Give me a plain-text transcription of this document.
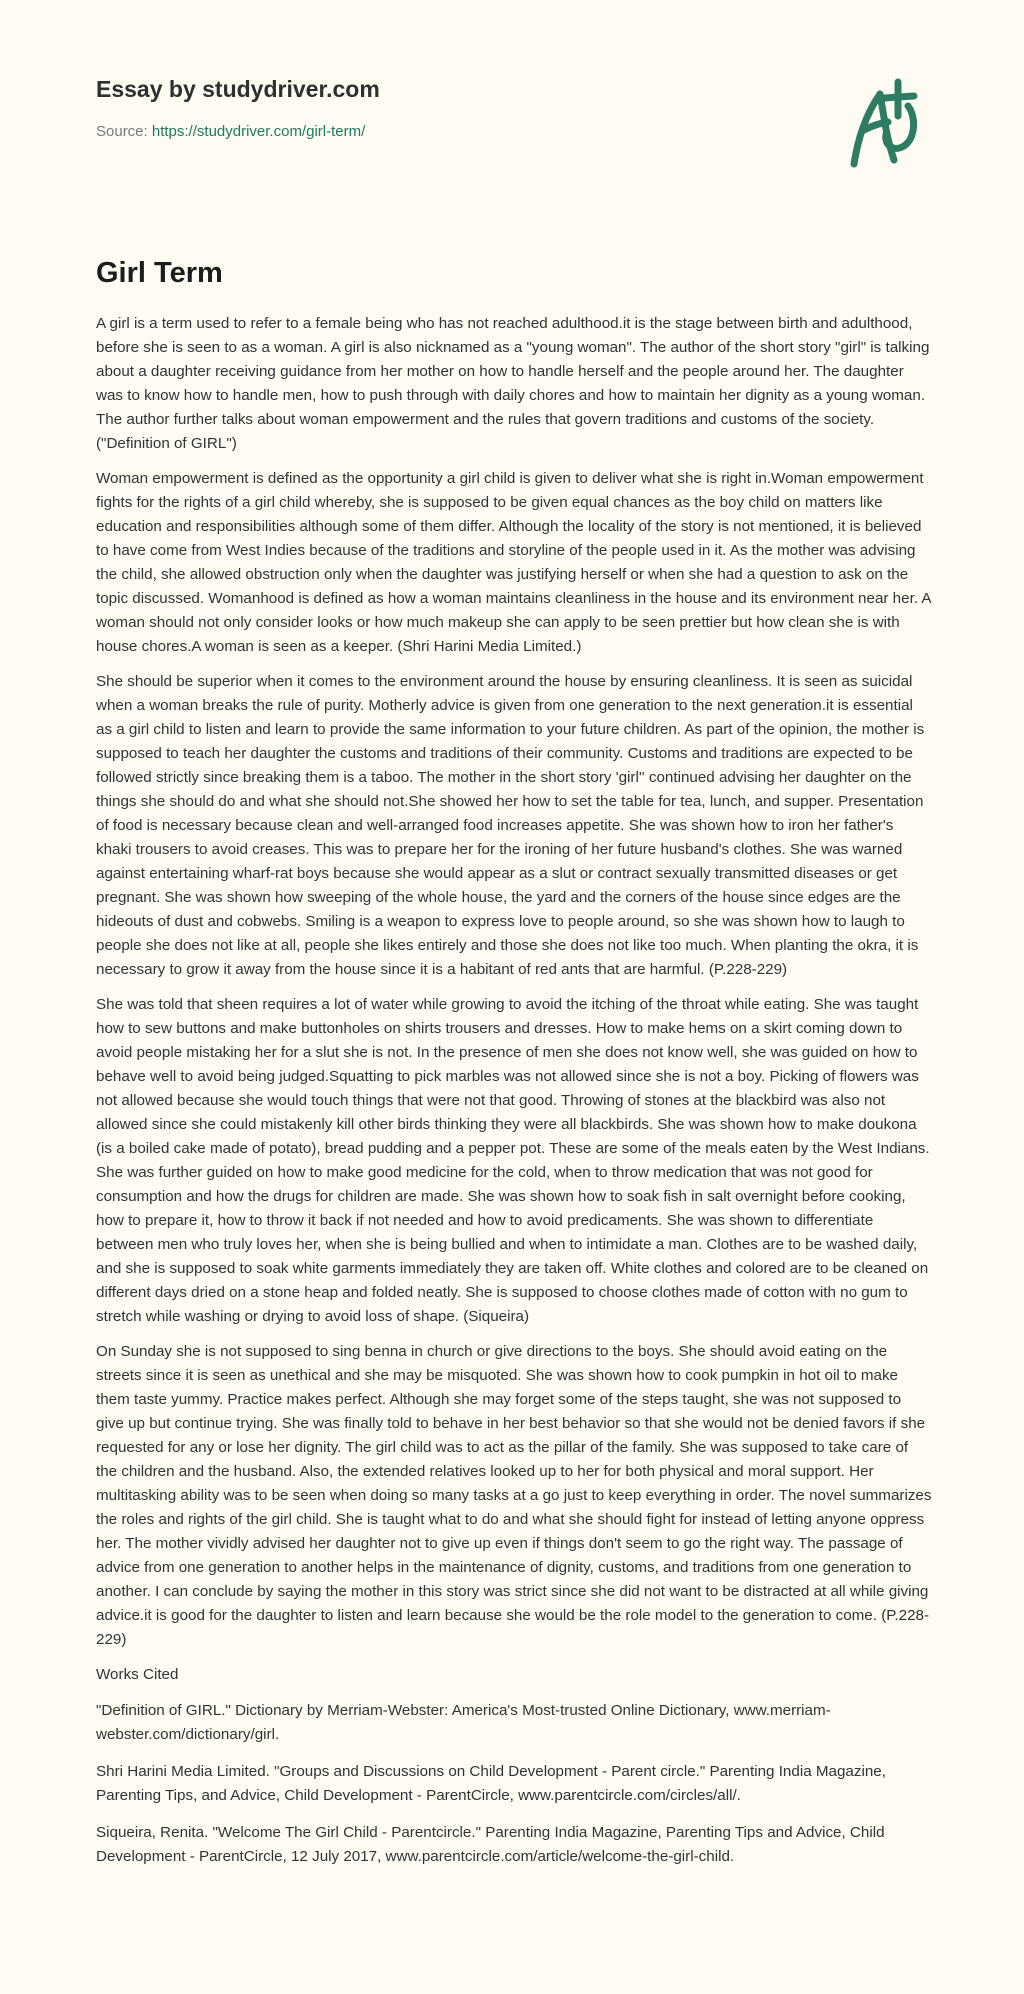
Essay by studydriver.com
Source: https://studydriver.com/girl-term/
Girl Term

A girl is a term used to refer to a female being who has not reached adulthood.it is the stage between birth and adulthood, before she is seen to as a woman. A girl is also nicknamed as a "young woman". The author of the short story "girl" is talking about a daughter receiving guidance from her mother on how to handle herself and the people around her. The daughter was to know how to handle men, how to push through with daily chores and how to maintain her dignity as a young woman. The author further talks about woman empowerment and the rules that govern traditions and customs of the society. ("Definition of GIRL")

Woman empowerment is defined as the opportunity a girl child is given to deliver what she is right in.Woman empowerment fights for the rights of a girl child whereby, she is supposed to be given equal chances as the boy child on matters like education and responsibilities although some of them differ. Although the locality of the story is not mentioned, it is believed to have come from West Indies because of the traditions and storyline of the people used in it. As the mother was advising the child, she allowed obstruction only when the daughter was justifying herself or when she had a question to ask on the topic discussed. Womanhood is defined as how a woman maintains cleanliness in the house and its environment near her. A woman should not only consider looks or how much makeup she can apply to be seen prettier but how clean she is with house chores.A woman is seen as a keeper. (Shri Harini Media Limited.)

She should be superior when it comes to the environment around the house by ensuring cleanliness. It is seen as suicidal when a woman breaks the rule of purity. Motherly advice is given from one generation to the next generation.it is essential as a girl child to listen and learn to provide the same information to your future children. As part of the opinion, the mother is supposed to teach her daughter the customs and traditions of their community. Customs and traditions are expected to be followed strictly since breaking them is a taboo. The mother in the short story 'girl'' continued advising her daughter on the things she should do and what she should not.She showed her how to set the table for tea, lunch, and supper. Presentation of food is necessary because clean and well-arranged food increases appetite. She was shown how to iron her father's khaki trousers to avoid creases. This was to prepare her for the ironing of her future husband's clothes. She was warned against entertaining wharf-rat boys because she would appear as a slut or contract sexually transmitted diseases or get pregnant. She was shown how sweeping of the whole house, the yard and the corners of the house since edges are the hideouts of dust and cobwebs. Smiling is a weapon to express love to people around, so she was shown how to laugh to people she does not like at all, people she likes entirely and those she does not like too much. When planting the okra, it is necessary to grow it away from the house since it is a habitant of red ants that are harmful. (P.228-229)

She was told that sheen requires a lot of water while growing to avoid the itching of the throat while eating. She was taught how to sew buttons and make buttonholes on shirts trousers and dresses. How to make hems on a skirt coming down to avoid people mistaking her for a slut she is not. In the presence of men she does not know well, she was guided on how to behave well to avoid being judged.Squatting to pick marbles was not allowed since she is not a boy. Picking of flowers was not allowed because she would touch things that were not that good. Throwing of stones at the blackbird was also not allowed since she could mistakenly kill other birds thinking they were all blackbirds. She was shown how to make doukona (is a boiled cake made of potato), bread pudding and a pepper pot. These are some of the meals eaten by the West Indians. She was further guided on how to make good medicine for the cold, when to throw medication that was not good for consumption and how the drugs for children are made. She was shown how to soak fish in salt overnight before cooking, how to prepare it, how to throw it back if not needed and how to avoid predicaments. She was shown to differentiate between men who truly loves her, when she is being bullied and when to intimidate a man. Clothes are to be washed daily, and she is supposed to soak white garments immediately they are taken off. White clothes and colored are to be cleaned on different days dried on a stone heap and folded neatly. She is supposed to choose clothes made of cotton with no gum to stretch while washing or drying to avoid loss of shape. (Siqueira)

On Sunday she is not supposed to sing benna in church or give directions to the boys. She should avoid eating on the streets since it is seen as unethical and she may be misquoted. She was shown how to cook pumpkin in hot oil to make them taste yummy. Practice makes perfect. Although she may forget some of the steps taught, she was not supposed to give up but continue trying. She was finally told to behave in her best behavior so that she would not be denied favors if she requested for any or lose her dignity. The girl child was to act as the pillar of the family. She was supposed to take care of the children and the husband. Also, the extended relatives looked up to her for both physical and moral support. Her multitasking ability was to be seen when doing so many tasks at a go just to keep everything in order. The novel summarizes the roles and rights of the girl child. She is taught what to do and what she should fight for instead of letting anyone oppress her. The mother vividly advised her daughter not to give up even if things don't seem to go the right way. The passage of advice from one generation to another helps in the maintenance of dignity, customs, and traditions from one generation to another. I can conclude by saying the mother in this story was strict since she did not want to be distracted at all while giving advice.it is good for the daughter to listen and learn because she would be the role model to the generation to come. (P.228-229)

Works Cited

"Definition of GIRL." Dictionary by Merriam-Webster: America's Most-trusted Online Dictionary, www.merriam-webster.com/dictionary/girl.

Shri Harini Media Limited. "Groups and Discussions on Child Development - Parent circle." Parenting India Magazine, Parenting Tips, and Advice, Child Development - ParentCircle, www.parentcircle.com/circles/all/.

Siqueira, Renita. "Welcome The Girl Child - Parentcircle." Parenting India Magazine, Parenting Tips and Advice, Child Development - ParentCircle, 12 July 2017, www.parentcircle.com/article/welcome-the-girl-child.
